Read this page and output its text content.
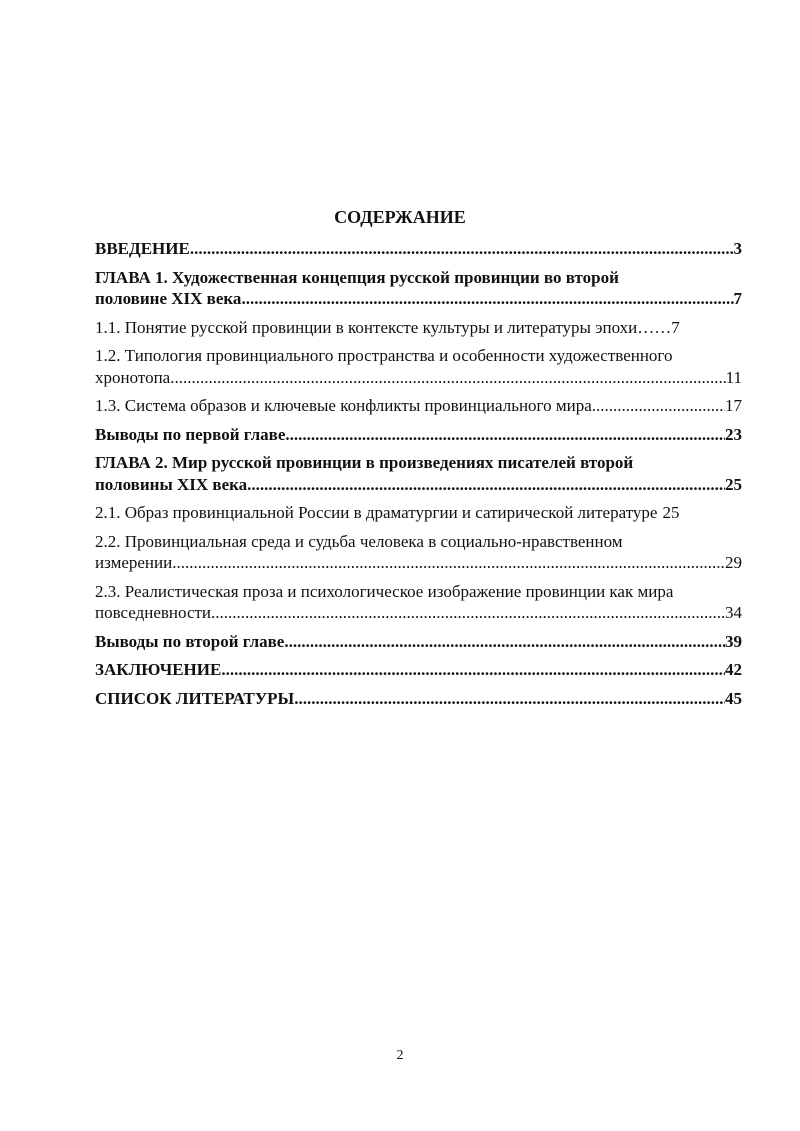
СОДЕРЖАНИЕ
ВВЕДЕНИЕ .....	3
ГЛАВА 1. Художественная концепция русской провинции во второй
половине XIX века .....	7
1.1. Понятие русской провинции в контексте культуры и литературы эпохи…… 7
1.2. Типология провинциального пространства и особенности художественного
хронотопа .....	11
1.3. Система образов и ключевые конфликты провинциального мира .....	17
Выводы по первой главе .....	23
ГЛАВА 2. Мир русской провинции в произведениях писателей второй
половины XIX века .....	25
2.1. Образ провинциальной России в драматургии и сатирической литературе 25
2.2. Провинциальная среда и судьба человека в социально-нравственном
измерении .....	29
2.3. Реалистическая проза и психологическое изображение провинции как мира
повседневности .....	34
Выводы по второй главе .....	39
ЗАКЛЮЧЕНИЕ .....	42
СПИСОК ЛИТЕРАТУРЫ .....	45
2
